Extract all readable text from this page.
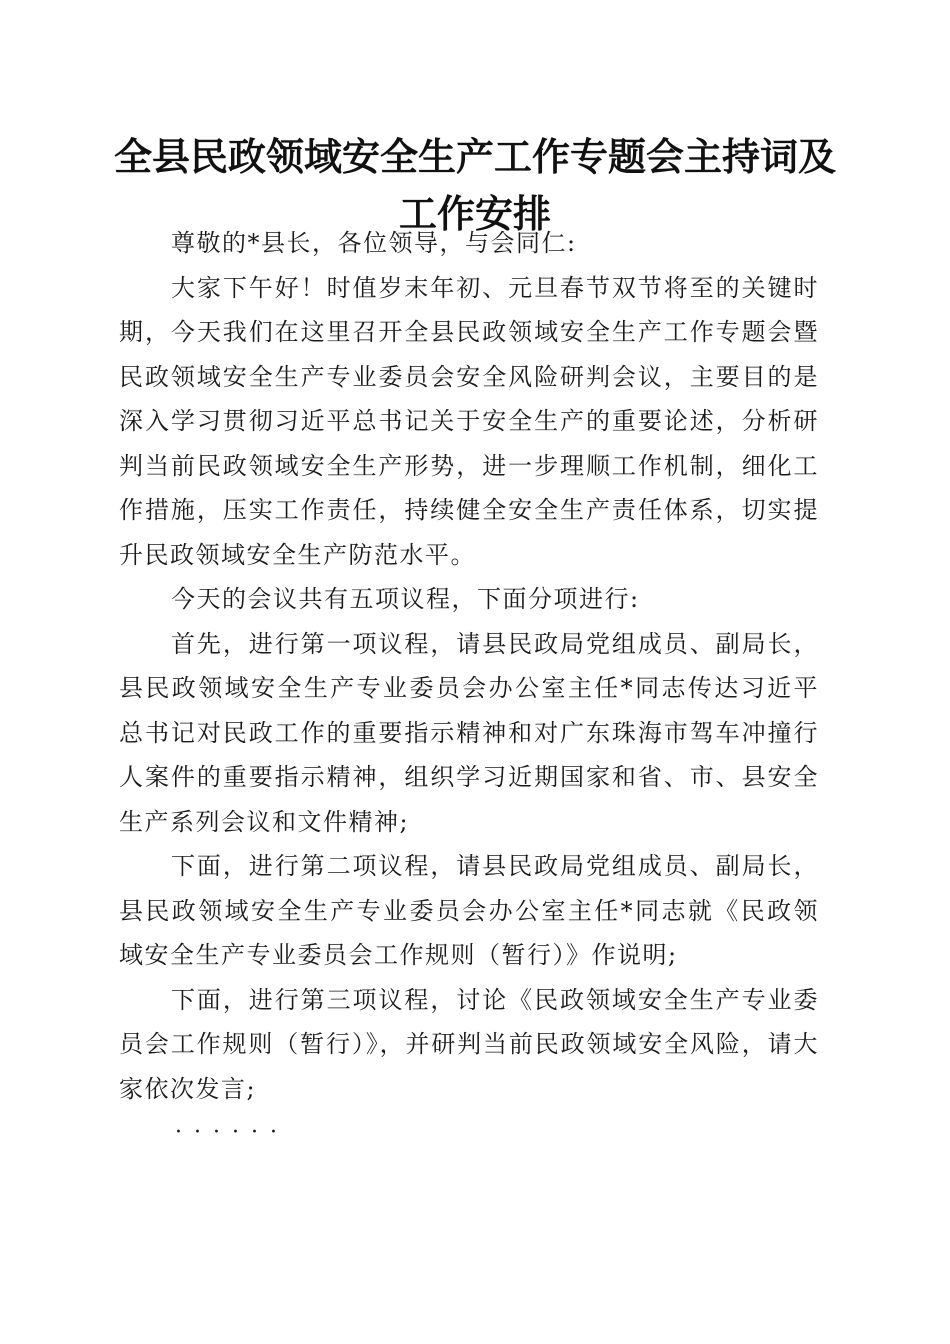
全县民政领域安全生产工作专题会主持词及工作安排

尊敬的*县长，各位领导，与会同仁:

大家下午好！时值岁末年初、元旦春节双节将至的关键时期，今天我们在这里召开全县民政领域安全生产工作专题会暨民政领域安全生产专业委员会安全风险研判会议，主要目的是深入学习贯彻习近平总书记关于安全生产的重要论述，分析研判当前民政领域安全生产形势，进一步理顺工作机制，细化工作措施，压实工作责任，持续健全安全生产责任体系，切实提升民政领域安全生产防范水平。

今天的会议共有五项议程，下面分项进行:

首先，进行第一项议程，请县民政局党组成员、副局长，县民政领域安全生产专业委员会办公室主任*同志传达习近平总书记对民政工作的重要指示精神和对广东珠海市驾车冲撞行人案件的重要指示精神，组织学习近期国家和省、市、县安全生产系列会议和文件精神;

下面，进行第二项议程，请县民政局党组成员、副局长，县民政领域安全生产专业委员会办公室主任*同志就《民政领域安全生产专业委员会工作规则（暂行）》作说明;

下面，进行第三项议程，讨论《民政领域安全生产专业委员会工作规则（暂行）》，并研判当前民政领域安全风险，请大家依次发言;

······
